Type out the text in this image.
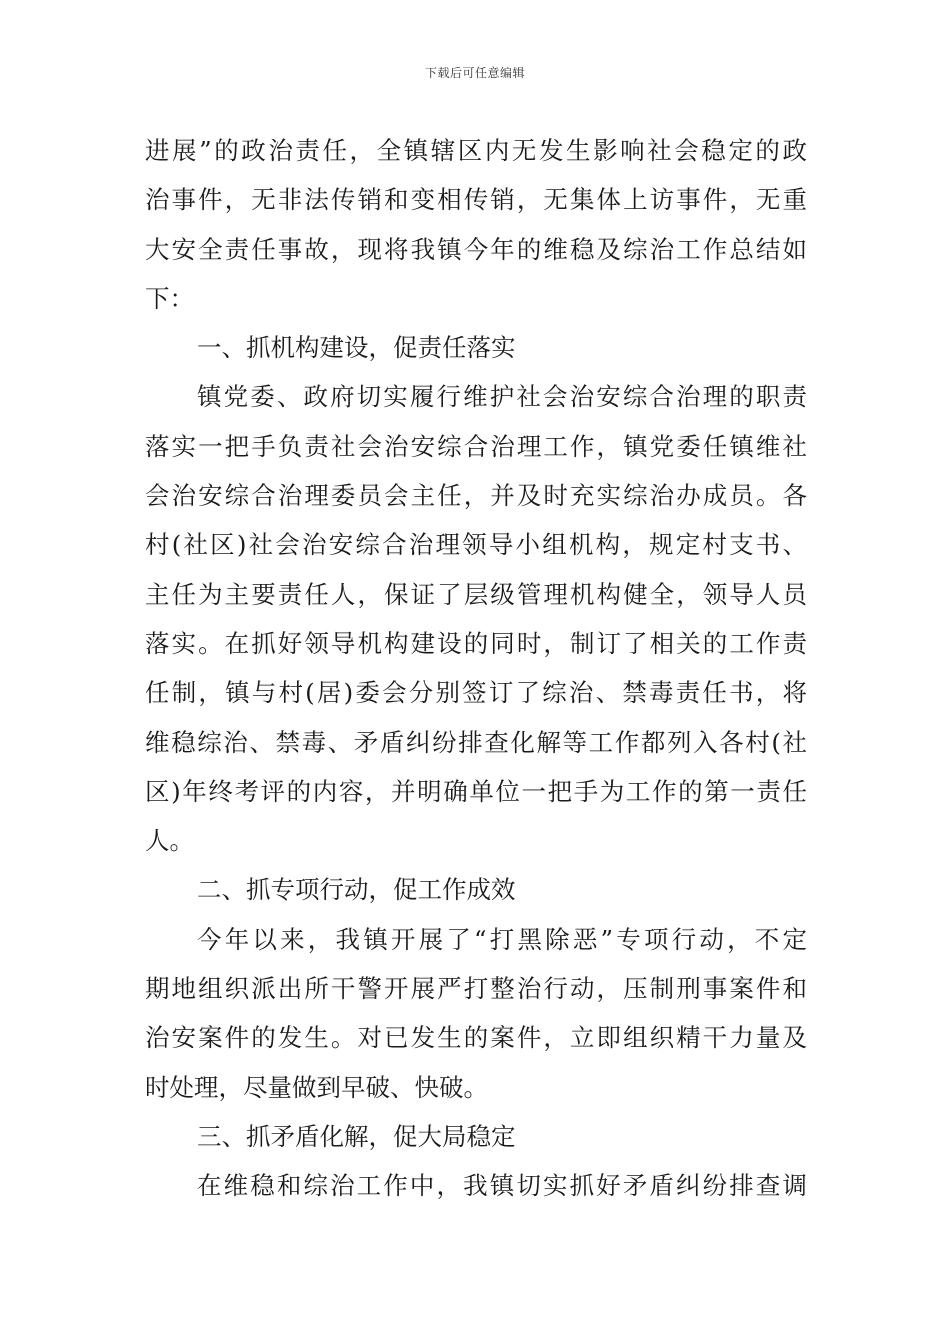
下载后可任意编辑
进展”的政治责任，全镇辖区内无发生影响社会稳定的政
治事件，无非法传销和变相传销，无集体上访事件，无重
大安全责任事故，现将我镇今年的维稳及综治工作总结如
下：
一、抓机构建设，促责任落实
镇党委、政府切实履行维护社会治安综合治理的职责
落实一把手负责社会治安综合治理工作，镇党委任镇维社
会治安综合治理委员会主任，并及时充实综治办成员。各
村(社区)社会治安综合治理领导小组机构，规定村支书、
主任为主要责任人，保证了层级管理机构健全，领导人员
落实。在抓好领导机构建设的同时，制订了相关的工作责
任制，镇与村(居)委会分别签订了综治、禁毒责任书，将
维稳综治、禁毒、矛盾纠纷排查化解等工作都列入各村(社
区)年终考评的内容，并明确单位一把手为工作的第一责任
人。
二、抓专项行动，促工作成效
今年以来，我镇开展了“打黑除恶”专项行动，不定
期地组织派出所干警开展严打整治行动，压制刑事案件和
治安案件的发生。对已发生的案件，立即组织精干力量及
时处理，尽量做到早破、快破。
三、抓矛盾化解，促大局稳定
在维稳和综治工作中，我镇切实抓好矛盾纠纷排查调
